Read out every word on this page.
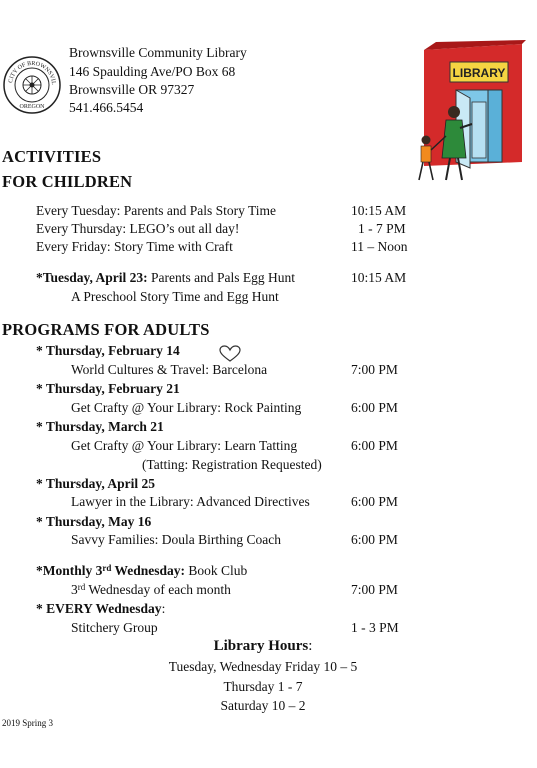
CITY OF BROWNSVIL
OREGON
Brownsville Community Library
146 Spaulding Ave/PO Box 68
Brownsville OR 97327
541.466.5454
LIBRARY
ACTIVITIES
FOR CHILDREN
Every Tuesday: Parents and Pals Story Time	10:15 AM
Every Thursday: LEGO’s out all day!	1 - 7 PM
Every Friday: Story Time with Craft	11 – Noon
*Tuesday, April 23: Parents and Pals Egg Hunt	10:15 AM
A Preschool Story Time and Egg Hunt
PROGRAMS FOR ADULTS
* Thursday, February 14
World Cultures & Travel: Barcelona	7:00 PM
* Thursday, February 21
Get Crafty @ Your Library: Rock Painting	6:00 PM
* Thursday, March 21
Get Crafty @ Your Library: Learn Tatting	6:00 PM
(Tatting: Registration Requested)
* Thursday, April 25
Lawyer in the Library: Advanced Directives	6:00 PM
* Thursday, May 16
Savvy Families: Doula Birthing Coach	6:00 PM
*Monthly 3rd Wednesday: Book Club
3rd Wednesday of each month	7:00 PM
* EVERY Wednesday:
Stitchery Group	1 - 3 PM
Library Hours:
Tuesday, Wednesday Friday 10 – 5
Thursday 1 - 7
Saturday 10 – 2
2019 Spring 3
